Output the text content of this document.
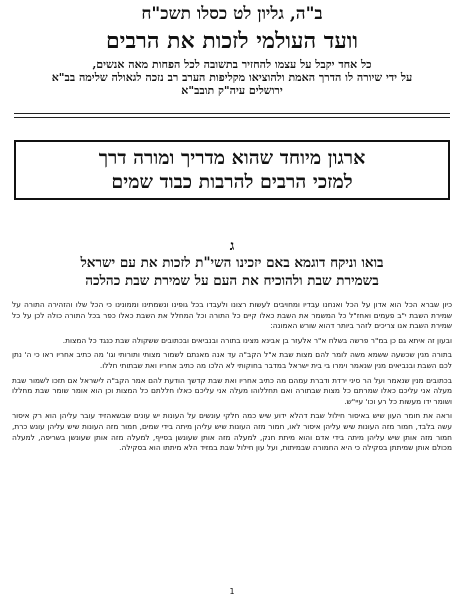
ב"ה, גליון לט כסלו תשכ"ח
וועד העולמי לזכות את הרבים
כל אחד יקבל על עצמו להחזיר בתשובה לכל הפחות מאה אנשים,
על ידי שיורה לו הדרך האמת ולהוציאו מקליפות הערב רב נזכה לגאולה שלימה בב"א
ירושלים עיה"ק תובב"א
ארגון מיוחד שהוא מדריך ומורה דרך
למזכי הרבים להרבות כבוד שמים
ג
בואו וניקח דוגמא באם יזכינו השי"ת לזכות את עם ישראל
בשמירת שבת ולהוכיח את העם על שמירת שבת כהלכה

כיון שברא הכל הוא אדון על הכל ואנחנו עבדיו ומחויבים לעשות רצונו ולעבדו בכל גופינו ונשמתינו וממונינו כי הכל שלו והזהירה התורה על שמירת השבת י"ב פעמים ואחז"ל כל המשמר את השבת כאלו קיים כל התורה וכל המחלל את השבת כאלו כפר בכל התורה כולה לכן על כל שמירת השבת אנו צריכים לזהר ביותר דהוא שורש האמונה:

ובעון זה איתא גם כן במ"ר פרשה בשלח א"ר אלעזר בן אבינא מצינו בתורה ובנביאים ובכתובים ששקולה שבת כנגד כל המצות.

בתורה מנין שכשעה ששמא משה לומר להם מצות שבת א"ל הקב"ה עד אנה מאנתם לשמור מצותי ותורותי וגו' מה כתיב אחריו ראו כי ה' נתן לכם השבת ובנביאים מנין שנאמר וימרו בי בית ישראל במדבר בחוקותי לא הלכו מה כתיב אחריו ואת שבתותי חללו.

בכתובים מנין שנאמר ועל הר סיני ירדת ודברת עמהם מה כתיב אחריו ואת שבת קדשך הודעת להם אמר הקב"ה לישראל אם תזכו לשמור שבת מעלה אני עליכם כאלו שמרתם כל מצות שבתורה ואם תחללוהו מעלה אני עליכם כאלו חללתם כל המצות וכן הוא אומר שומר שבת מחללו ושומר ידו מעשות כל רע וכו' עיי"ש.

וראה את חומר העון שיש באיסור חילול שבת דהלא ידוע שיש כמה חלקי עונשים על העונות יש עונים שבשאהזיד עובר עליהן הוא רק איסור עשה בלבד, חמור מזה העונות שיש עליהן איסור לאו, חמור מזה העונות שיש עליהן מיתה בידי שמים, חמור מזה העונות שיש עליהן עונש כרת, חמור מזה אותן שיש עליהן מיתה בידי אדם והוא מיתת חנק, למעלה מזה אותן שעונשן בסייף, למעלה מזה אותן שעונשן בשריפה, למעלה מכולם אותן שמיתתן בסקילה כי היא החמורה שבמיתות, ועל עון חילול שבת במזיד הלא מיתתו הוא בסקילה.

1
